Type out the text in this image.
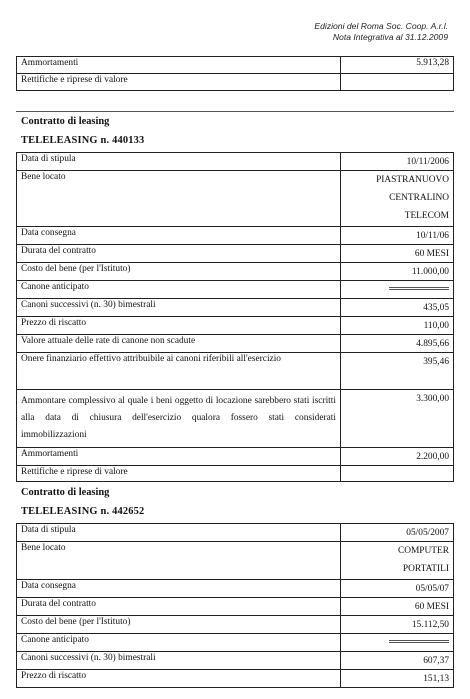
Edizioni del Roma Soc. Coop. A.r.l.
Nota Integrativa al 31.12.2009
Ammortamenti	5.913,28
Rettifiche e riprese di valore	
Contratto di leasing
TELELEASING n. 440133
Data di stipula	10/11/2006
Bene locato	PIASTRANUOVO
CENTRALINO
TELECOM

Data consegna	10/11/06
Durata del contratto	60 MESI
Costo del bene (per l'Istituto)	11.000,00
Canone anticipato	
Canoni successivi (n. 30) bimestrali	435,05
Prezzo di riscatto	110,00
Valore attuale delle rate di canone non scadute	4.895,66
Onere finanziario effettivo attribuibile ai canoni riferibili all'esercizio	395,46
Ammontare complessivo al quale i beni oggetto di locazione sarebbero stati iscritti alla data di chiusura dell'esercizio qualora fossero stati considerati immobilizzazioni	3.300,00
Ammortamenti	2.200,00
Rettifiche e riprese di valore	
Contratto di leasing
TELELEASING n. 442652
Data di stipula	05/05/2007
Bene locato	COMPUTER
PORTATILI

Data consegna	05/05/07
Durata del contratto	60 MESI
Costo del bene (per l'Istituto)	15.112,50
Canone anticipato	
Canoni successivi (n. 30) bimestrali	607,37
Prezzo di riscatto	151,13
